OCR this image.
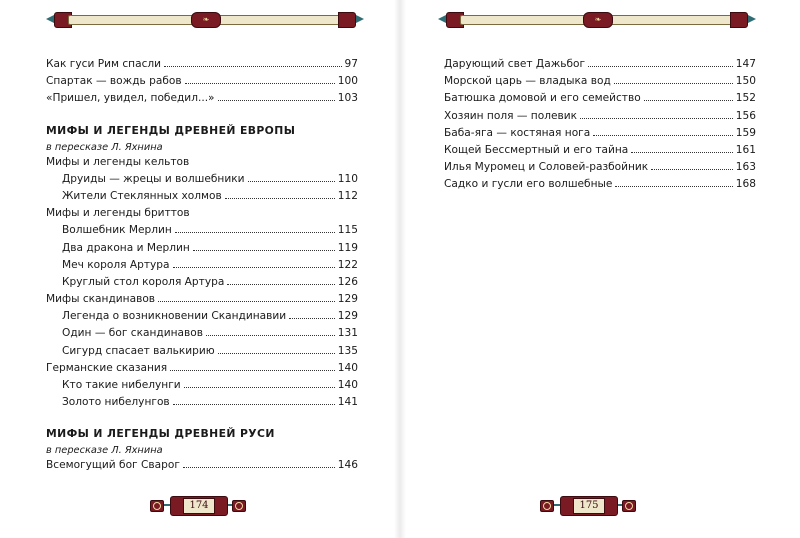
❧
Как гуси Рим спасли	97
Спартак — вождь рабов	100
«Пришел, увидел, победил...»	103
МИФЫ И ЛЕГЕНДЫ ДРЕВНЕЙ ЕВРОПЫ
в пересказе Л. Яхнина
Мифы и легенды кельтов
Друиды — жрецы и волшебники	110
Жители Стеклянных холмов	112
Мифы и легенды бриттов
Волшебник Мерлин	115
Два дракона и Мерлин	119
Меч короля Артура	122
Круглый стол короля Артура	126
Мифы скандинавов	129
Легенда о возникновении Скандинавии	129
Один — бог скандинавов	131
Сигурд спасает валькирию	135
Германские сказания	140
Кто такие нибелунги	140
Золото нибелунгов	141
МИФЫ И ЛЕГЕНДЫ ДРЕВНЕЙ РУСИ
в пересказе Л. Яхнина
Всемогущий бог Сварог	146
174
❧
Дарующий свет Дажьбог	147
Морской царь — владыка вод	150
Батюшка домовой и его семейство	152
Хозяин поля — полевик	156
Баба-яга — костяная нога	159
Кощей Бессмертный и его тайна	161
Илья Муромец и Соловей-разбойник	163
Садко и гусли его волшебные	168
175
